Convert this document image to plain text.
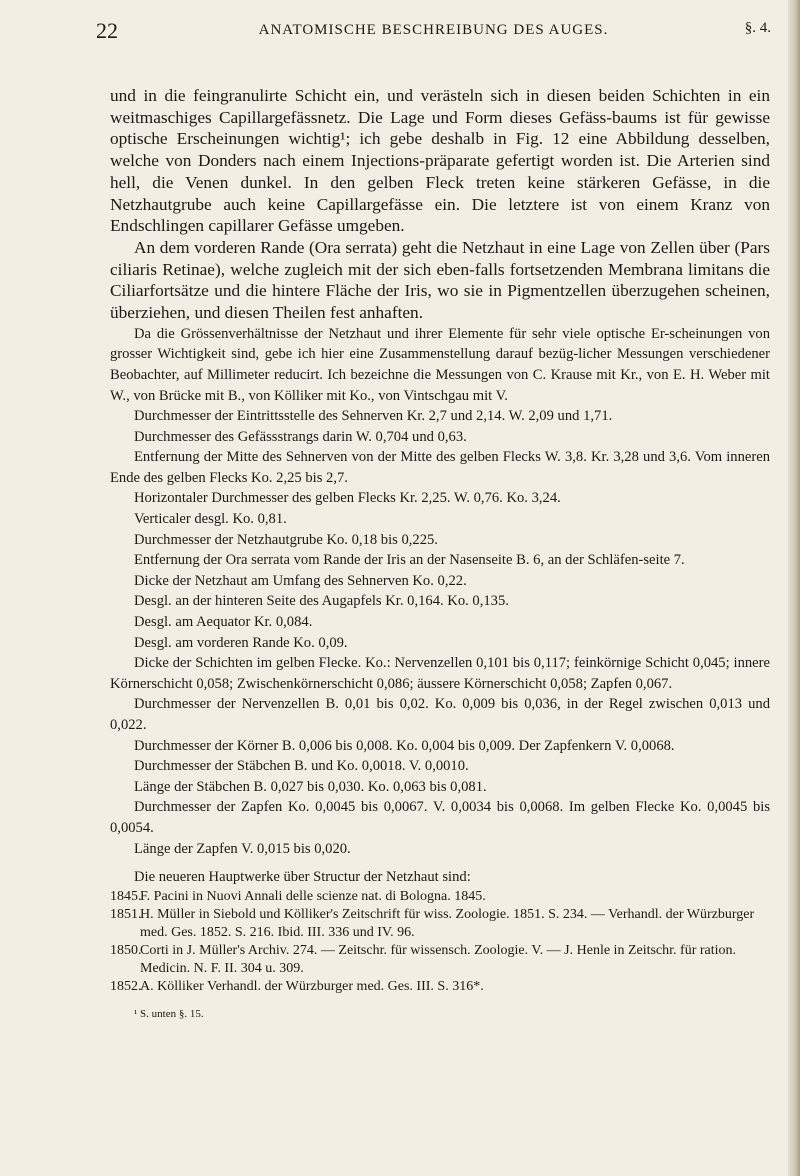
22	ANATOMISCHE BESCHREIBUNG DES AUGES.	§. 4.

und in die feingranulirte Schicht ein, und verästeln sich in diesen beiden Schichten in ein weitmaschiges Capillargefässnetz. Die Lage und Form dieses Gefäss-baums ist für gewisse optische Erscheinungen wichtig¹; ich gebe deshalb in Fig. 12 eine Abbildung desselben, welche von Donders nach einem Injections-präparate gefertigt worden ist. Die Arterien sind hell, die Venen dunkel. In den gelben Fleck treten keine stärkeren Gefässe, in die Netzhautgrube auch keine Capillargefässe ein. Die letztere ist von einem Kranz von Endschlingen capillarer Gefässe umgeben.

An dem vorderen Rande (Ora serrata) geht die Netzhaut in eine Lage von Zellen über (Pars ciliaris Retinae), welche zugleich mit der sich eben-falls fortsetzenden Membrana limitans die Ciliarfortsätze und die hintere Fläche der Iris, wo sie in Pigmentzellen überzugehen scheinen, überziehen, und diesen Theilen fest anhaften.

Da die Grössenverhältnisse der Netzhaut und ihrer Elemente für sehr viele optische Er-scheinungen von grosser Wichtigkeit sind, gebe ich hier eine Zusammenstellung darauf bezüg-licher Messungen verschiedener Beobachter, auf Millimeter reducirt. Ich bezeichne die Messungen von C. Krause mit Kr., von E. H. Weber mit W., von Brücke mit B., von Kölliker mit Ko., von Vintschgau mit V.

Durchmesser der Eintrittsstelle des Sehnerven Kr. 2,7 und 2,14. W. 2,09 und 1,71.

Durchmesser des Gefässstrangs darin W. 0,704 und 0,63.

Entfernung der Mitte des Sehnerven von der Mitte des gelben Flecks W. 3,8. Kr. 3,28 und 3,6. Vom inneren Ende des gelben Flecks Ko. 2,25 bis 2,7.

Horizontaler Durchmesser des gelben Flecks Kr. 2,25. W. 0,76. Ko. 3,24.

Verticaler desgl. Ko. 0,81.

Durchmesser der Netzhautgrube Ko. 0,18 bis 0,225.

Entfernung der Ora serrata vom Rande der Iris an der Nasenseite B. 6, an der Schläfen-seite 7.

Dicke der Netzhaut am Umfang des Sehnerven Ko. 0,22.

Desgl. an der hinteren Seite des Augapfels Kr. 0,164. Ko. 0,135.

Desgl. am Aequator Kr. 0,084.

Desgl. am vorderen Rande Ko. 0,09.

Dicke der Schichten im gelben Flecke. Ko.: Nervenzellen 0,101 bis 0,117; feinkörnige Schicht 0,045; innere Körnerschicht 0,058; Zwischenkörnerschicht 0,086; äussere Körnerschicht 0,058; Zapfen 0,067.

Durchmesser der Nervenzellen B. 0,01 bis 0,02. Ko. 0,009 bis 0,036, in der Regel zwischen 0,013 und 0,022.

Durchmesser der Körner B. 0,006 bis 0,008. Ko. 0,004 bis 0,009. Der Zapfenkern V. 0,0068.

Durchmesser der Stäbchen B. und Ko. 0,0018. V. 0,0010.

Länge der Stäbchen B. 0,027 bis 0,030. Ko. 0,063 bis 0,081.

Durchmesser der Zapfen Ko. 0,0045 bis 0,0067. V. 0,0034 bis 0,0068. Im gelben Flecke Ko. 0,0045 bis 0,0054.

Länge der Zapfen V. 0,015 bis 0,020.

Die neueren Hauptwerke über Structur der Netzhaut sind:

1845.
F. Pacini in Nuovi Annali delle scienze nat. di Bologna. 1845.
1851.
H. Müller in Siebold und Kölliker's Zeitschrift für wiss. Zoologie. 1851. S. 234. — Verhandl. der Würzburger med. Ges. 1852. S. 216. Ibid. III. 336 und IV. 96.
1850.
Corti in J. Müller's Archiv. 274. — Zeitschr. für wissensch. Zoologie. V. — J. Henle in Zeitschr. für ration. Medicin. N. F. II. 304 u. 309.
1852.
A. Kölliker Verhandl. der Würzburger med. Ges. III. S. 316*.
¹ S. unten §. 15.
